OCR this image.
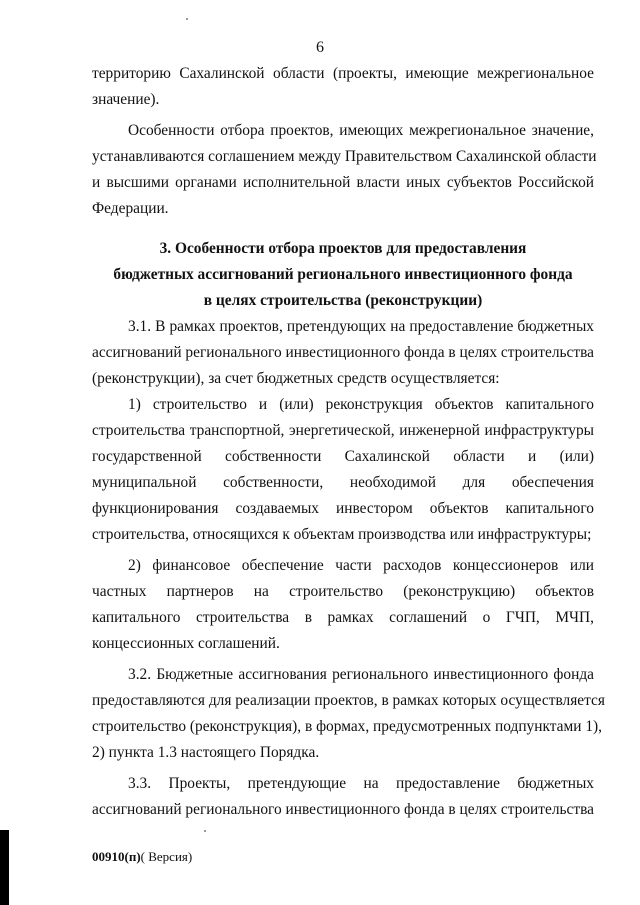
6
территорию Сахалинской области (проекты, имеющие межрегиональное
значение).
Особенности отбора проектов, имеющих межрегиональное значение,
устанавливаются соглашением между Правительством Сахалинской области
и высшими органами исполнительной власти иных субъектов Российской
Федерации.
3. Особенности отбора проектов для предоставления
бюджетных ассигнований регионального инвестиционного фонда
в целях строительства (реконструкции)
3.1. В рамках проектов, претендующих на предоставление бюджетных
ассигнований регионального инвестиционного фонда в целях строительства
(реконструкции), за счет бюджетных средств осуществляется:
1) строительство и (или) реконструкция объектов капитального
строительства транспортной, энергетической, инженерной инфраструктуры
государственной собственности Сахалинской области и (или)
муниципальной собственности, необходимой для обеспечения
функционирования создаваемых инвестором объектов капитального
строительства, относящихся к объектам производства или инфраструктуры;
2) финансовое обеспечение части расходов концессионеров или
частных партнеров на строительство (реконструкцию) объектов
капитального строительства в рамках соглашений о ГЧП, МЧП,
концессионных соглашений.
3.2. Бюджетные ассигнования регионального инвестиционного фонда
предоставляются для реализации проектов, в рамках которых осуществляется
строительство (реконструкция), в формах, предусмотренных подпунктами 1),
2) пункта 1.3 настоящего Порядка.
3.3. Проекты, претендующие на предоставление бюджетных
ассигнований регионального инвестиционного фонда в целях строительства
00910(п)( Версия)
